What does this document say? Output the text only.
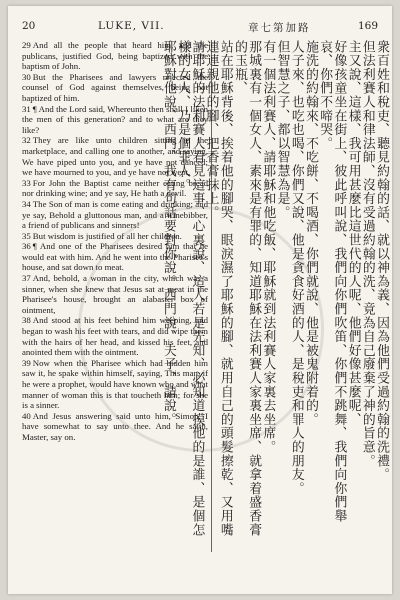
20	LUKE, VII.	章七第加路	169

29 And all the people that heard him, and the publicans, justified God, being baptized with the baptism of John.

30 But the Pharisees and lawyers rejected the counsel of God against themselves, being not baptized of him.

31 ¶ And the Lord said, Whereunto then shall I liken the men of this generation? and to what are they like?

32 They are like unto children sitting in the marketplace, and calling one to another, and saying, We have piped unto you, and ye have not danced; we have mourned to you, and ye have not wept.

33 For John the Baptist came neither eating bread nor drinking wine; and ye say, He hath a devil.

34 The Son of man is come eating and drinking; and ye say, Behold a gluttonous man, and a winebibber, a friend of publicans and sinners!

35 But wisdom is justified of all her children.

36 ¶ And one of the Pharisees desired him that he would eat with him. And he went into the Pharisee's house, and sat down to meat.

37 And, behold, a woman in the city, which was a sinner, when she knew that Jesus sat at meat in the Pharisee's house, brought an alabaster box of ointment,

38 And stood at his feet behind him weeping, and began to wash his feet with tears, and did wipe them with the hairs of her head, and kissed his feet, and anointed them with the ointment.

39 Now when the Pharisee which had bidden him saw it, he spake within himself, saying, This man, if he were a prophet, would have known who and what manner of woman this is that toucheth him; for she is a sinner.

40 And Jesus answering said unto him, Simon, I have somewhat to say unto thee. And he saith, Master, say on.	衆百姓和稅吏、聽見約翰的話、就以神為義、因為他們受過約翰的洗禮。

但法利賽人和律法師、沒有受過約翰的洗、竟為自己廢棄了神的旨意。

主又說、這樣、我可用甚麼比這世代的人呢、他們好像甚麼呢、

好像孩童坐在街上、彼此呼叫說、我們向你們吹笛、你們不跳舞、我們向你們舉哀、你們不啼哭。

施洗的約翰來、不吃餅、不喝酒、你們就說、他是被鬼附着的。

人子來、也吃也喝、你們又說、他是貪食好酒的人、是稅吏和罪人的朋友。

但智慧之子、都以智慧為是。

有一個法利賽人、請耶穌和他吃飯、耶穌就到法利賽人家裏去坐席。

那城裏有一個女人、素來是有罪的、知道耶穌在法利賽人家裏坐席、就拿着盛香膏的玉瓶、

站在耶穌背後、挨着他的腳哭、眼淚濕了耶穌的腳、就用自己的頭髮擦乾、又用嘴連連親他的腳、把香膏抹上。

請耶穌的法利賽人看見這事、心裏說、這人若是先知、必知道摸他的是誰、是個怎樣的女人、乃是個罪人。

耶穌對他說、西門、我有句話要對你說。西門說、夫子、請說。
